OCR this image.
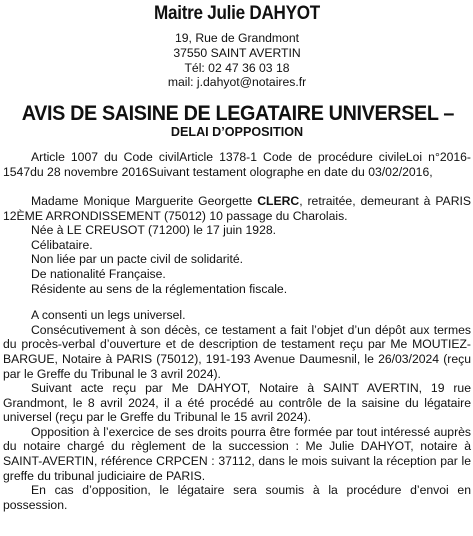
Maitre Julie DAHYOT
19, Rue de Grandmont
37550 SAINT AVERTIN
Tél: 02 47 36 03 18
mail: j.dahyot@notaires.fr
AVIS DE SAISINE DE LEGATAIRE UNIVERSEL –
DELAI D’OPPOSITION

Article 1007 du Code civilArticle 1378-1 Code de procédure civileLoi n°2016-1547du 28 novembre 2016Suivant testament olographe en date du 03/02/2016,

Madame Monique Marguerite Georgette CLERC, retraitée, demeurant à PARIS 12ÈME ARRONDISSEMENT (75012) 10 passage du Charolais.

Née à LE CREUSOT (71200) le 17 juin 1928.

Célibataire.

Non liée par un pacte civil de solidarité.

De nationalité Française.

Résidente au sens de la réglementation fiscale.

A consenti un legs universel.

Consécutivement à son décès, ce testament a fait l’objet d’un dépôt aux termes du procès-verbal d’ouverture et de description de testament reçu par Me MOUTIEZ-BARGUE, Notaire à PARIS (75012), 191-193 Avenue Daumesnil, le 26/03/2024 (reçu par le Greffe du Tribunal le 3 avril 2024).

Suivant acte reçu par Me DAHYOT, Notaire à SAINT AVERTIN, 19 rue Grandmont, le 8 avril 2024, il a été procédé au contrôle de la saisine du légataire universel (reçu par le Greffe du Tribunal le 15 avril 2024).

Opposition à l’exercice de ses droits pourra être formée par tout intéressé auprès du notaire chargé du règlement de la succession : Me Julie DAHYOT, notaire à SAINT-AVERTIN, référence CRPCEN : 37112, dans le mois suivant la réception par le greffe du tribunal judiciaire de PARIS.

En cas d’opposition, le légataire sera soumis à la procédure d’envoi en possession.
